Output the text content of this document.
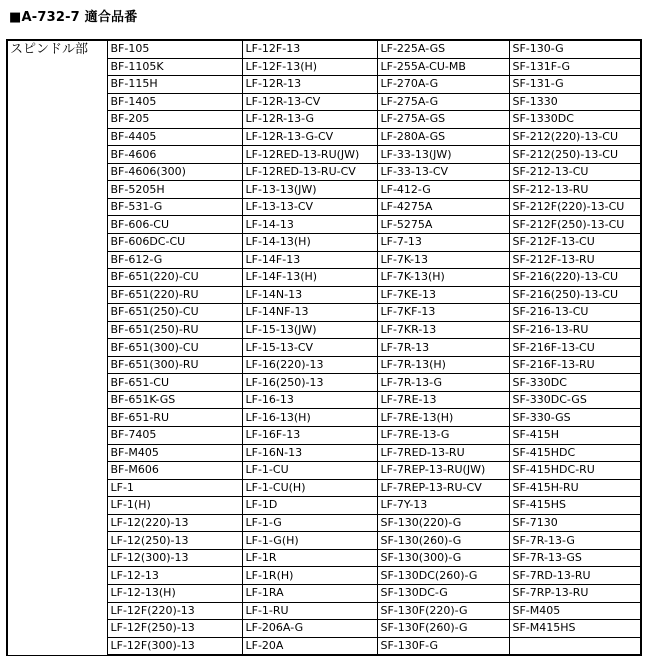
■A-732-7 適合品番
スピンドル部	BF-105	LF-12F-13	LF-225A-GS	SF-130-G
	BF-1105K	LF-12F-13(H)	LF-255A-CU-MB	SF-131F-G
	BF-115H	LF-12R-13	LF-270A-G	SF-131-G
	BF-1405	LF-12R-13-CV	LF-275A-G	SF-1330
	BF-205	LF-12R-13-G	LF-275A-GS	SF-1330DC
	BF-4405	LF-12R-13-G-CV	LF-280A-GS	SF-212(220)-13-CU
	BF-4606	LF-12RED-13-RU(JW)	LF-33-13(JW)	SF-212(250)-13-CU
	BF-4606(300)	LF-12RED-13-RU-CV	LF-33-13-CV	SF-212-13-CU
	BF-5205H	LF-13-13(JW)	LF-412-G	SF-212-13-RU
	BF-531-G	LF-13-13-CV	LF-4275A	SF-212F(220)-13-CU
	BF-606-CU	LF-14-13	LF-5275A	SF-212F(250)-13-CU
	BF-606DC-CU	LF-14-13(H)	LF-7-13	SF-212F-13-CU
	BF-612-G	LF-14F-13	LF-7K-13	SF-212F-13-RU
	BF-651(220)-CU	LF-14F-13(H)	LF-7K-13(H)	SF-216(220)-13-CU
	BF-651(220)-RU	LF-14N-13	LF-7KE-13	SF-216(250)-13-CU
	BF-651(250)-CU	LF-14NF-13	LF-7KF-13	SF-216-13-CU
	BF-651(250)-RU	LF-15-13(JW)	LF-7KR-13	SF-216-13-RU
	BF-651(300)-CU	LF-15-13-CV	LF-7R-13	SF-216F-13-CU
	BF-651(300)-RU	LF-16(220)-13	LF-7R-13(H)	SF-216F-13-RU
	BF-651-CU	LF-16(250)-13	LF-7R-13-G	SF-330DC
	BF-651K-GS	LF-16-13	LF-7RE-13	SF-330DC-GS
	BF-651-RU	LF-16-13(H)	LF-7RE-13(H)	SF-330-GS
	BF-7405	LF-16F-13	LF-7RE-13-G	SF-415H
	BF-M405	LF-16N-13	LF-7RED-13-RU	SF-415HDC
	BF-M606	LF-1-CU	LF-7REP-13-RU(JW)	SF-415HDC-RU
	LF-1	LF-1-CU(H)	LF-7REP-13-RU-CV	SF-415H-RU
	LF-1(H)	LF-1D	LF-7Y-13	SF-415HS
	LF-12(220)-13	LF-1-G	SF-130(220)-G	SF-7130
	LF-12(250)-13	LF-1-G(H)	SF-130(260)-G	SF-7R-13-G
	LF-12(300)-13	LF-1R	SF-130(300)-G	SF-7R-13-GS
	LF-12-13	LF-1R(H)	SF-130DC(260)-G	SF-7RD-13-RU
	LF-12-13(H)	LF-1RA	SF-130DC-G	SF-7RP-13-RU
	LF-12F(220)-13	LF-1-RU	SF-130F(220)-G	SF-M405
	LF-12F(250)-13	LF-206A-G	SF-130F(260)-G	SF-M415HS
	LF-12F(300)-13	LF-20A	SF-130F-G	
